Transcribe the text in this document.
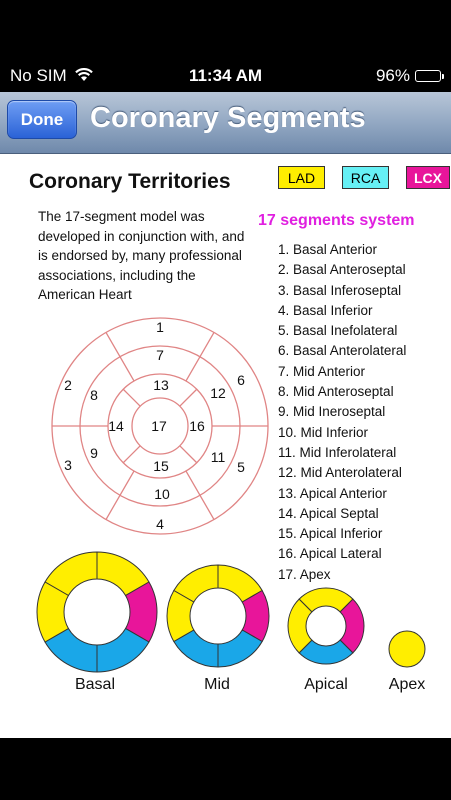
No SIM	11:34 AM	96%
Done Coronary Segments
Coronary Territories	LAD	RCA	LCX
The 17-segment model was developed in conjunction with, and is endorsed by, many professional associations, including the American Heart
17 segments system
1. Basal Anterior
2. Basal Anteroseptal
3. Basal Inferoseptal
4. Basal Inferior
5. Basal Inefolateral
6. Basal Anterolateral
7. Mid Anterior
8. Mid Anteroseptal
9. Mid Ineroseptal
10. Mid Inferior
11. Mid Inferolateral
12. Mid Anterolateral
13. Apical Anterior
14. Apical Septal
15. Apical Inferior
16. Apical Lateral
17. Apex
1
2
3
4
5
6
7
8
9
10
11
12
13
14
15
16
17
Basal	Mid	Apical	Apex
